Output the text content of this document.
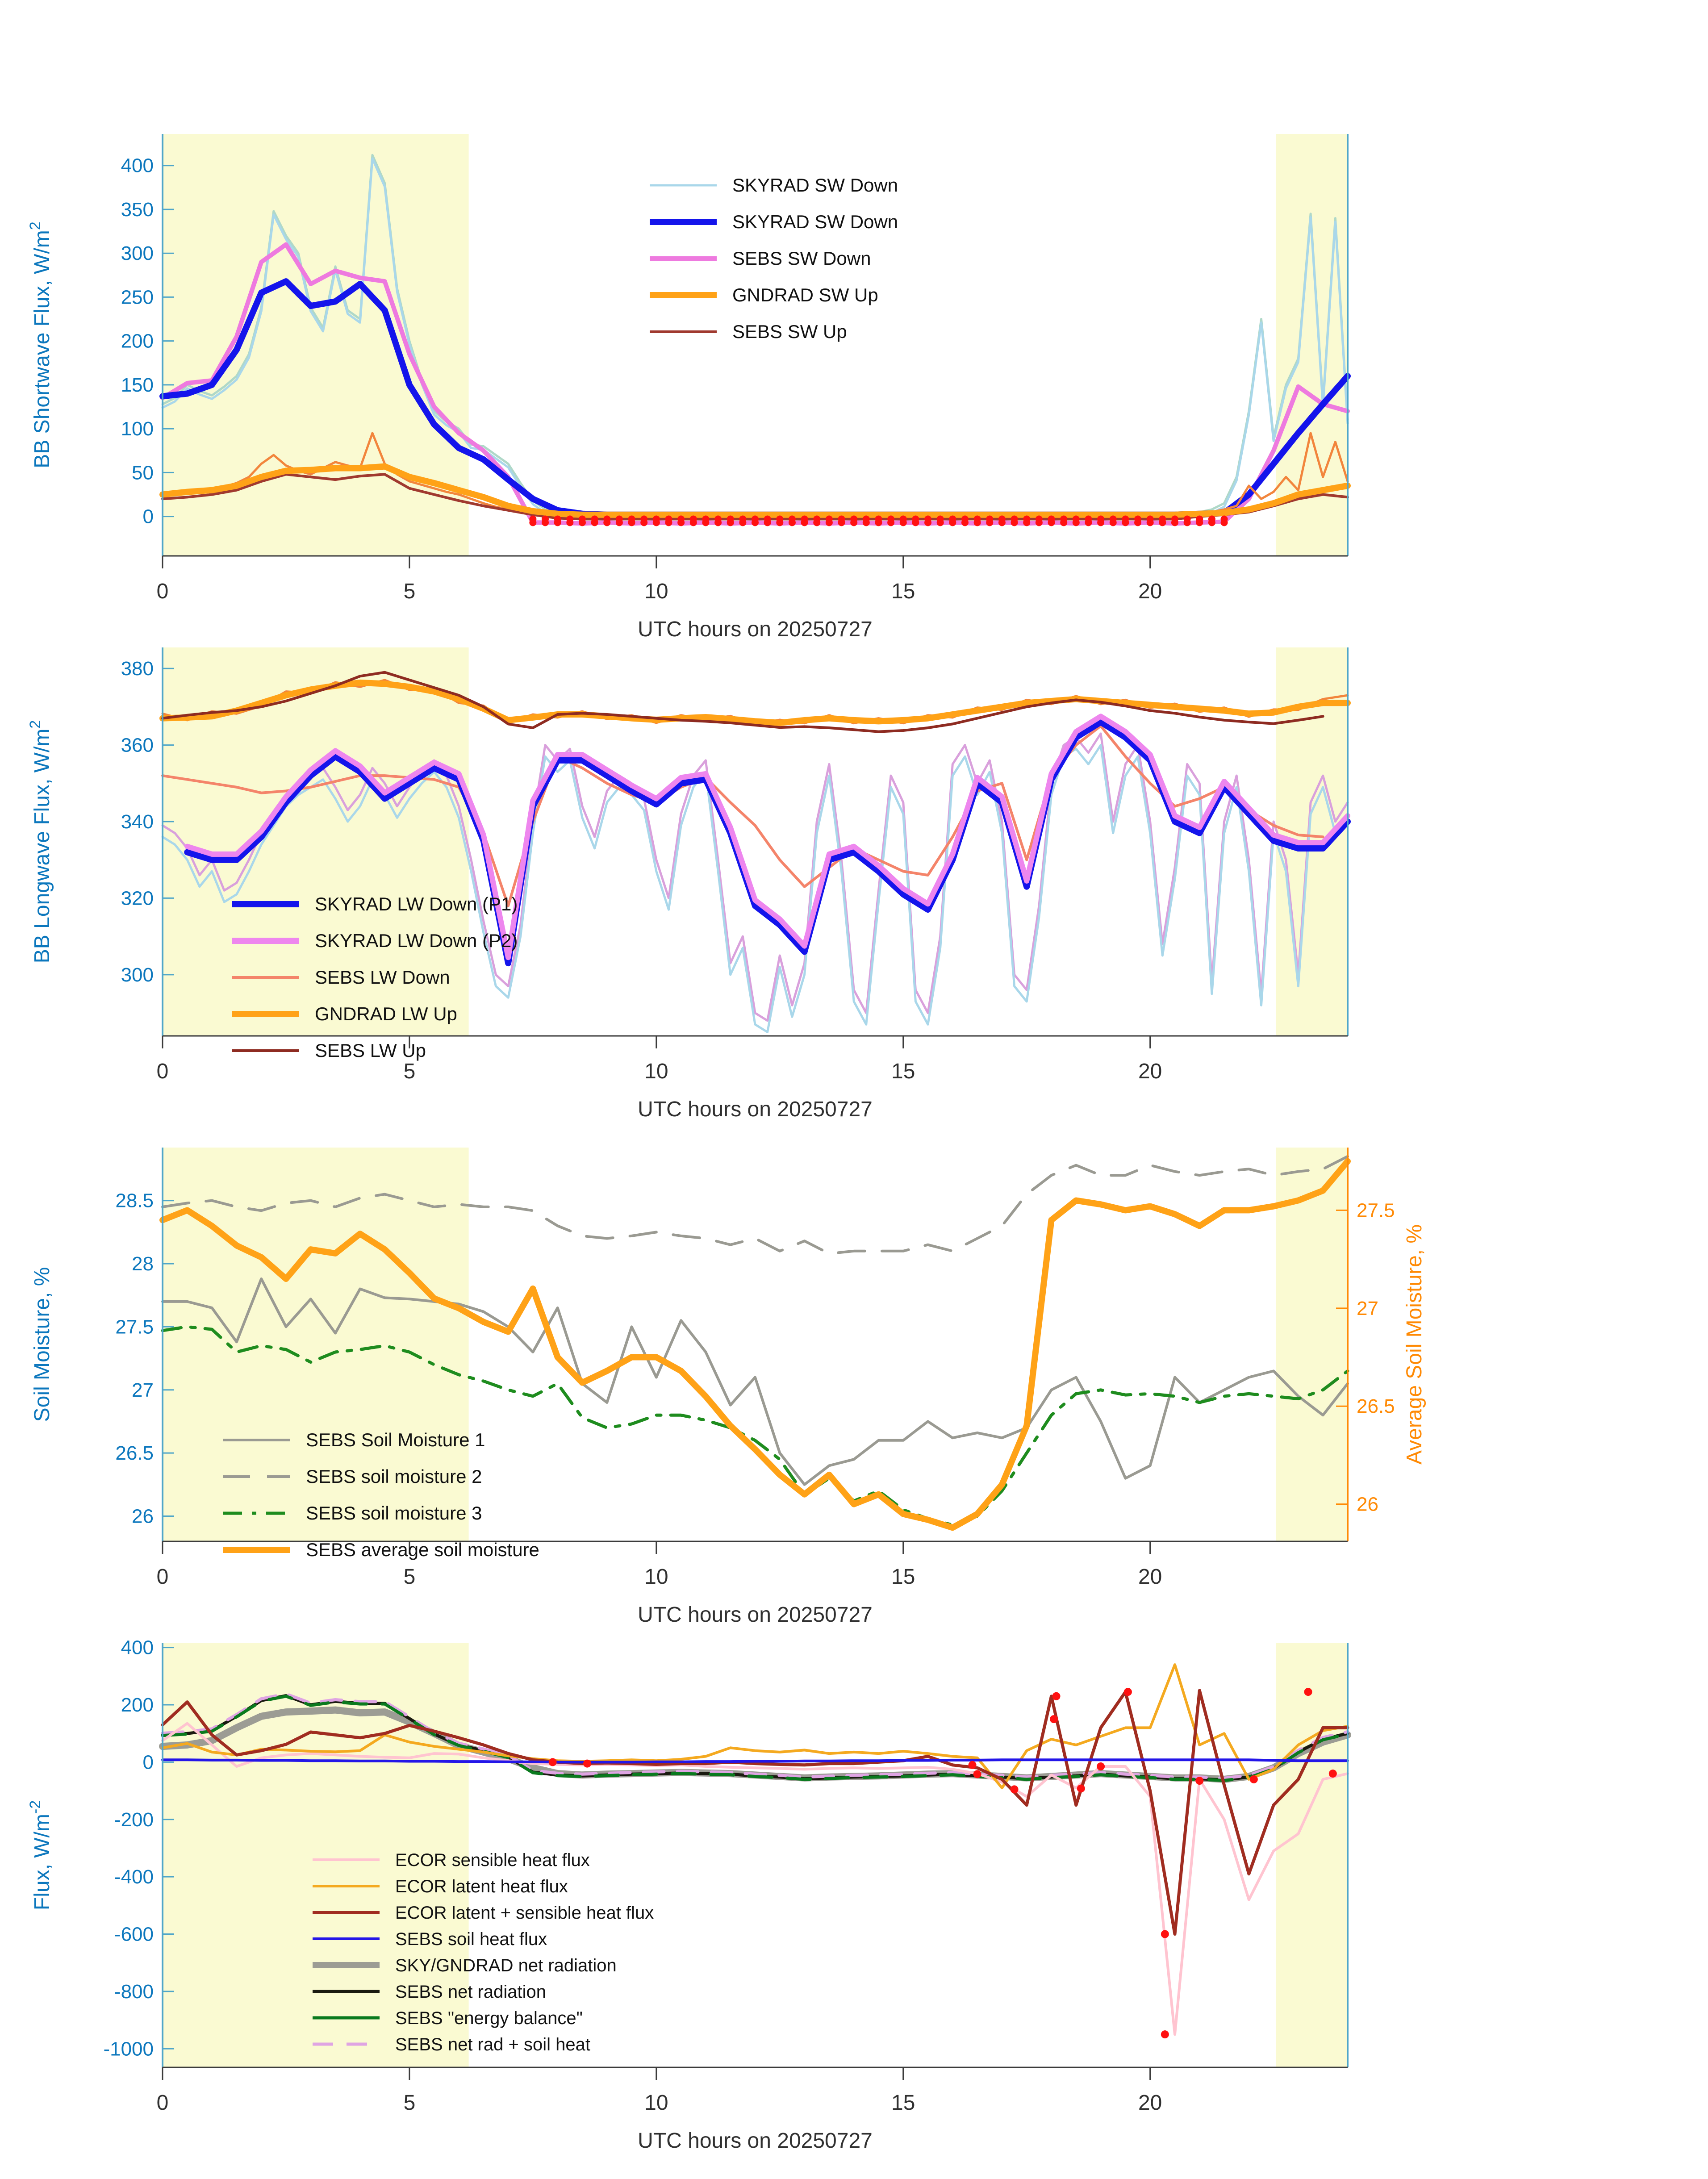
0
50
100
150
200
250
300
350
400
0	5	10	15	20
UTC hours on 20250727
BB Shortwave Flux, $W/m^2$
SKYRAD SW Down
SKYRAD SW Down
SEBS SW Down
GNDRAD SW Up
SEBS SW Up
300
320
340
360
380
0	5	10	15	20
UTC hours on 20250727
BB Longwave Flux, $W/m^2$
SKYRAD LW Down (P1)
SKYRAD LW Down (P2)
SEBS LW Down
GNDRAD LW Up
SEBS LW Up
26
26.5
27
27.5
28
28.5
26
26.5
27
27.5
0	5	10	15	20
UTC hours on 20250727
Soil Moisture, %	Average Soil Moisture, %
SEBS Soil Moisture 1
SEBS soil moisture 2
SEBS soil moisture 3
SEBS average soil moisture
-1000
-800
-600
-400
-200
0
200
400
0	5	10	15	20
UTC hours on 20250727
Flux, $W/m^{-2}$
ECOR sensible heat flux
ECOR latent heat flux
ECOR latent + sensible heat flux
SEBS soil heat flux
SKY/GNDRAD net radiation
SEBS net radiation
SEBS "energy balance"
SEBS net rad + soil heat
